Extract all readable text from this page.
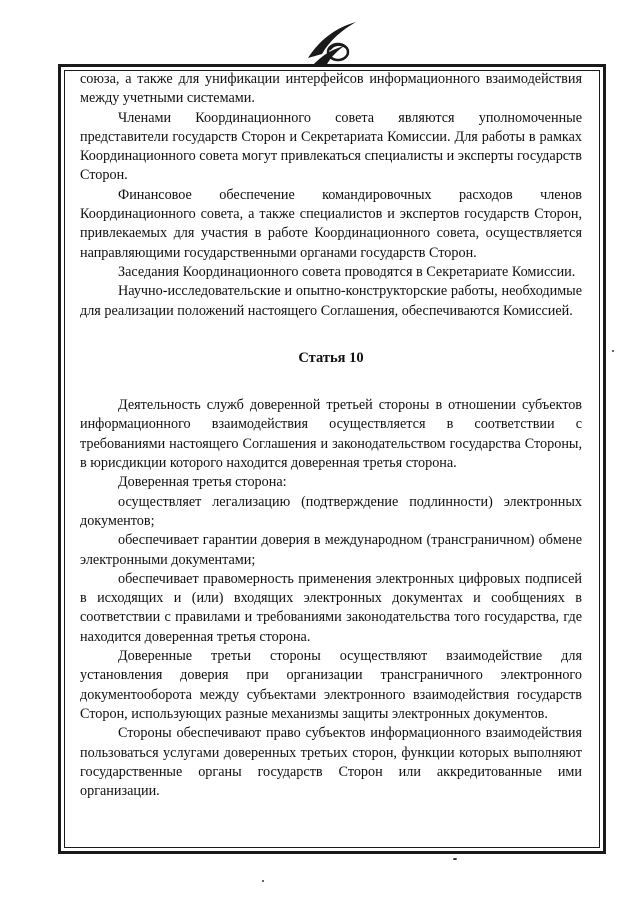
союза, а также для унификации интерфейсов информационного взаимодействия между учетными системами.

Членами Координационного совета являются уполномоченные представители государств Сторон и Секретариата Комиссии. Для работы в рамках Координационного совета могут привлекаться специалисты и эксперты государств Сторон.

Финансовое обеспечение командировочных расходов членов Координационного совета, а также специалистов и экспертов государств Сторон, привлекаемых для участия в работе Координационного совета, осуществляется направляющими государственными органами государств Сторон.

Заседания Координационного совета проводятся в Секретариате Комиссии.

Научно-исследовательские и опытно-конструкторские работы, необходимые для реализации положений настоящего Соглашения, обеспечиваются Комиссией.

Статья 10

Деятельность служб доверенной третьей стороны в отношении субъектов информационного взаимодействия осуществляется в соответствии с требованиями настоящего Соглашения и законодательством государства Стороны, в юрисдикции которого находится доверенная третья сторона.

Доверенная третья сторона:

осуществляет легализацию (подтверждение подлинности) электронных документов;

обеспечивает гарантии доверия в международном (трансграничном) обмене электронными документами;

обеспечивает правомерность применения электронных цифровых подписей в исходящих и (или) входящих электронных документах и сообщениях в соответствии с правилами и требованиями законодательства того государства, где находится доверенная третья сторона.

Доверенные третьи стороны осуществляют взаимодействие для установления доверия при организации трансграничного электронного документооборота между субъектами электронного взаимодействия государств Сторон, использующих разные механизмы защиты электронных документов.

Стороны обеспечивают право субъектов информационного взаимодействия пользоваться услугами доверенных третьих сторон, функции которых выполняют государственные органы государств Сторон или аккредитованные ими организации.
